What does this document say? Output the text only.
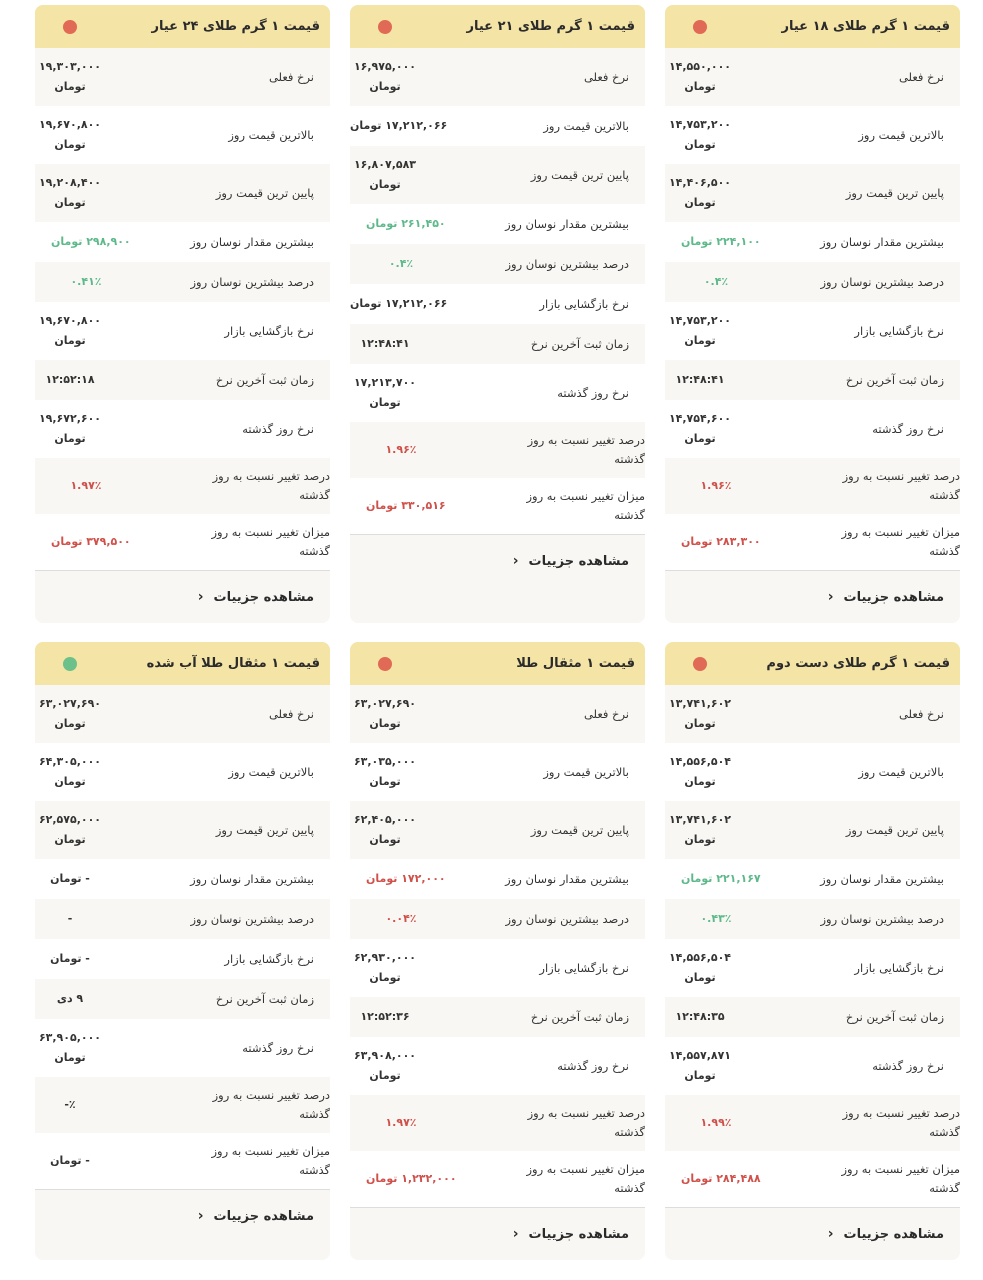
قیمت ۱ گرم طلای ۱۸ عیار
نرخ فعلی
۱۴,۵۵۰,۰۰۰
تومان
بالاترین قیمت روز
۱۴,۷۵۳,۲۰۰
تومان
پایین ترین قیمت روز
۱۴,۴۰۶,۵۰۰
تومان
بیشترین مقدار نوسان روز
۲۲۴,۱۰۰ تومان
درصد بیشترین نوسان روز
۰.۴٪
نرخ بازگشایی بازار
۱۴,۷۵۳,۲۰۰
تومان
زمان ثبت آخرین نرخ
۱۲:۴۸:۴۱
نرخ روز گذشته
۱۴,۷۵۴,۶۰۰
تومان
درصد تغییر نسبت به روز
گذشته
۱.۹۶٪
میزان تغییر نسبت به روز
گذشته
۲۸۳,۳۰۰ تومان
مشاهده جزییات
‹
قیمت ۱ گرم طلای ۲۱ عیار
نرخ فعلی
۱۶,۹۷۵,۰۰۰
تومان
بالاترین قیمت روز
۱۷,۲۱۲,۰۶۶ تومان
پایین ترین قیمت روز
۱۶,۸۰۷,۵۸۳
تومان
بیشترین مقدار نوسان روز
۲۶۱,۴۵۰ تومان
درصد بیشترین نوسان روز
۰.۴٪
نرخ بازگشایی بازار
۱۷,۲۱۲,۰۶۶ تومان
زمان ثبت آخرین نرخ
۱۲:۴۸:۴۱
نرخ روز گذشته
۱۷,۲۱۳,۷۰۰
تومان
درصد تغییر نسبت به روز
گذشته
۱.۹۶٪
میزان تغییر نسبت به روز
گذشته
۳۳۰,۵۱۶ تومان
مشاهده جزییات
‹
قیمت ۱ گرم طلای ۲۴ عیار
نرخ فعلی
۱۹,۳۰۳,۰۰۰
تومان
بالاترین قیمت روز
۱۹,۶۷۰,۸۰۰
تومان
پایین ترین قیمت روز
۱۹,۲۰۸,۴۰۰
تومان
بیشترین مقدار نوسان روز
۲۹۸,۹۰۰ تومان
درصد بیشترین نوسان روز
۰.۴۱٪
نرخ بازگشایی بازار
۱۹,۶۷۰,۸۰۰
تومان
زمان ثبت آخرین نرخ
۱۲:۵۲:۱۸
نرخ روز گذشته
۱۹,۶۷۲,۶۰۰
تومان
درصد تغییر نسبت به روز
گذشته
۱.۹۷٪
میزان تغییر نسبت به روز
گذشته
۳۷۹,۵۰۰ تومان
مشاهده جزییات
‹
قیمت ۱ گرم طلای دست دوم
نرخ فعلی
۱۳,۷۴۱,۶۰۲
تومان
بالاترین قیمت روز
۱۴,۵۵۶,۵۰۴
تومان
پایین ترین قیمت روز
۱۳,۷۴۱,۶۰۲
تومان
بیشترین مقدار نوسان روز
۲۲۱,۱۶۷ تومان
درصد بیشترین نوسان روز
۰.۴۳٪
نرخ بازگشایی بازار
۱۴,۵۵۶,۵۰۴
تومان
زمان ثبت آخرین نرخ
۱۲:۴۸:۳۵
نرخ روز گذشته
۱۴,۵۵۷,۸۷۱
تومان
درصد تغییر نسبت به روز
گذشته
۱.۹۹٪
میزان تغییر نسبت به روز
گذشته
۲۸۴,۴۸۸ تومان
مشاهده جزییات
‹
قیمت ۱ مثقال طلا
نرخ فعلی
۶۳,۰۲۷,۶۹۰
تومان
بالاترین قیمت روز
۶۳,۰۳۵,۰۰۰
تومان
پایین ترین قیمت روز
۶۲,۴۰۵,۰۰۰
تومان
بیشترین مقدار نوسان روز
۱۷۲,۰۰۰ تومان
درصد بیشترین نوسان روز
۰.۰۴٪
نرخ بازگشایی بازار
۶۲,۹۳۰,۰۰۰
تومان
زمان ثبت آخرین نرخ
۱۲:۵۲:۳۶
نرخ روز گذشته
۶۳,۹۰۸,۰۰۰
تومان
درصد تغییر نسبت به روز
گذشته
۱.۹۷٪
میزان تغییر نسبت به روز
گذشته
۱,۲۳۲,۰۰۰ تومان
مشاهده جزییات
‹
قیمت ۱ مثقال طلا آب شده
نرخ فعلی
۶۳,۰۲۷,۶۹۰
تومان
بالاترین قیمت روز
۶۴,۳۰۵,۰۰۰
تومان
پایین ترین قیمت روز
۶۲,۵۷۵,۰۰۰
تومان
بیشترین مقدار نوسان روز
- تومان
درصد بیشترین نوسان روز
-
نرخ بازگشایی بازار
- تومان
زمان ثبت آخرین نرخ
۹ دی
نرخ روز گذشته
۶۳,۹۰۵,۰۰۰
تومان
درصد تغییر نسبت به روز
گذشته
٪-
میزان تغییر نسبت به روز
گذشته
- تومان
مشاهده جزییات
‹
